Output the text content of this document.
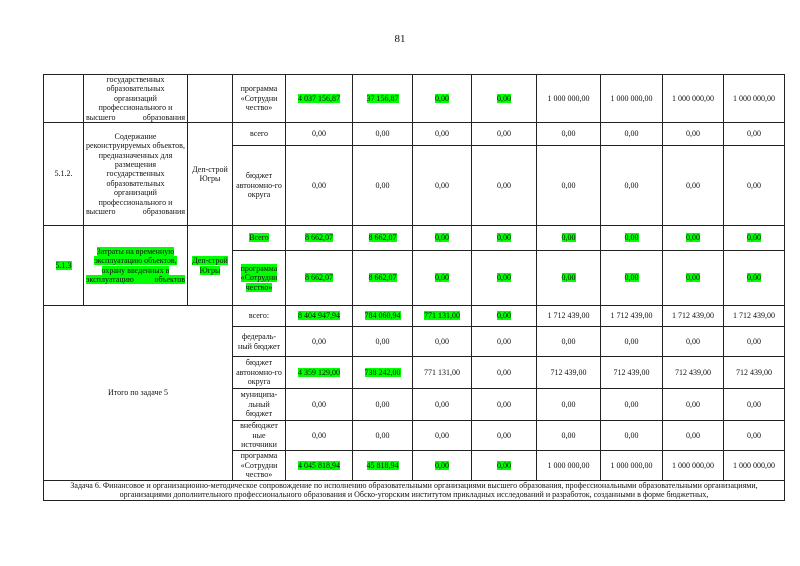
81
	государственных образовательных организаций профессионального и высшего образования		программа «Сотрудни чество»	4 037 156,87	37 156,87	0,00	0,00	1 000 000,00	1 000 000,00	1 000 000,00	1 000 000,00
5.1.2.	Содержание реконструируемых объектов, предназначенных для размещения государственных образовательных организаций профессионального и высшего образования	Деп-строй Югры	всего	0,00	0,00	0,00	0,00	0,00	0,00	0,00	0,00
			бюджет автономно-го округа	0,00	0,00	0,00	0,00	0,00	0,00	0,00	0,00
5.1.3	Затраты на временную эксплуатацию объектов, охрану введенных в эксплуатацию объектов	Деп-строй Югры	Всего	8 662,07	8 662,07	0,00	0,00	0,00	0,00	0,00	0,00
			программа «Сотрудни чество»	8 662,07	8 662,07	0,00	0,00	0,00	0,00	0,00	0,00
Итого по задаче 5			всего:	8 404 947,94	784 060,94	771 131,00	0,00	1 712 439,00	1 712 439,00	1 712 439,00	1 712 439,00
			федераль-ный бюджет	0,00	0,00	0,00	0,00	0,00	0,00	0,00	0,00
			бюджет автономно-го округа	4 359 129,00	738 242,00	771 131,00	0,00	712 439,00	712 439,00	712 439,00	712 439,00
			муниципа-льный бюджет	0,00	0,00	0,00	0,00	0,00	0,00	0,00	0,00
			внебюджет ные источники	0,00	0,00	0,00	0,00	0,00	0,00	0,00	0,00
			программа «Сотрудни чество»	4 045 818,94	45 818,94	0,00	0,00	1 000 000,00	1 000 000,00	1 000 000,00	1 000 000,00
Задача 6. Финансовое и организационно-методическое сопровождение по исполнению образовательными организациями высшего образования, профессиональными образовательными организациями, организациями дополнительного профессионального образования и Обско-угорским институтом прикладных исследований и разработок, созданными в форме бюджетных,											
